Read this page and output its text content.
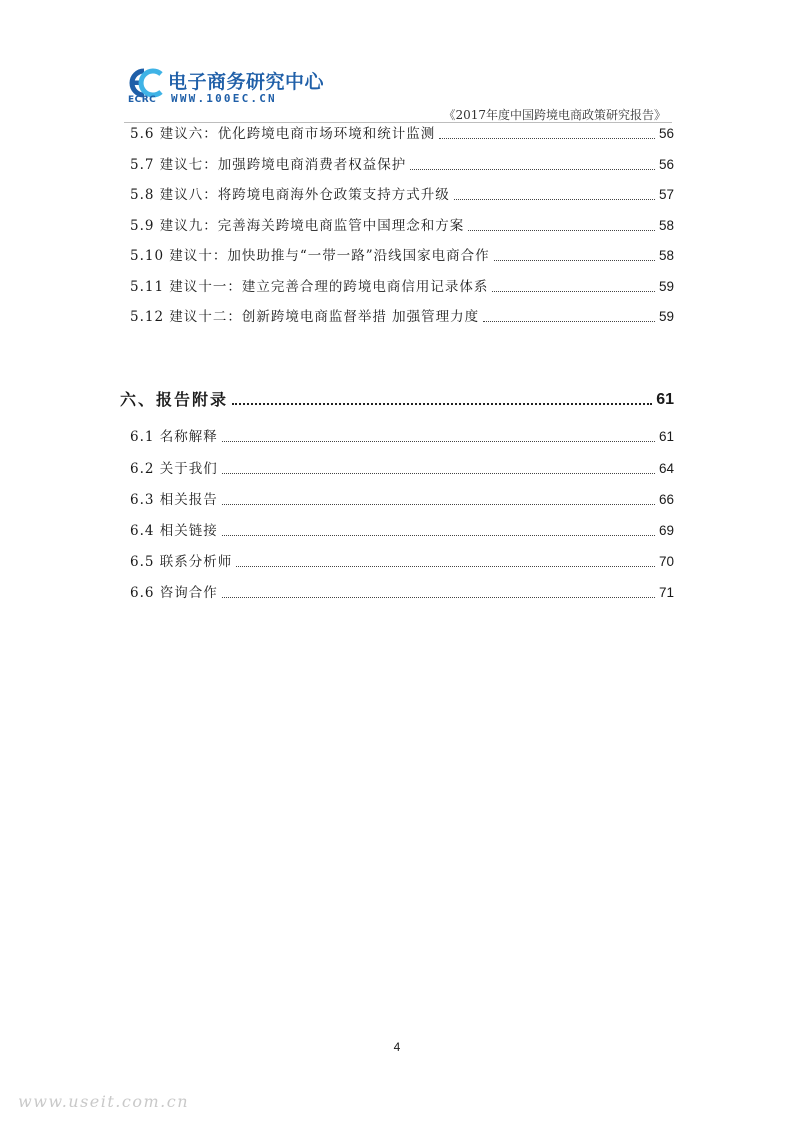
ECRC
电子商务研究中心
WWW.100EC.CN
《2017年度中国跨境电商政策研究报告》
5.6 建议六：优化跨境电商市场环境和统计监测	56
5.7 建议七：加强跨境电商消费者权益保护	56
5.8 建议八：将跨境电商海外仓政策支持方式升级	57
5.9 建议九：完善海关跨境电商监管中国理念和方案	58
5.10 建议十：加快助推与“一带一路”沿线国家电商合作	58
5.11 建议十一：建立完善合理的跨境电商信用记录体系	59
5.12 建议十二：创新跨境电商监督举措 加强管理力度	59
六、报告附录	61
6.1 名称解释	61
6.2 关于我们	64
6.3 相关报告	66
6.4 相关链接	69
6.5 联系分析师	70
6.6 咨询合作	71
4
www.useit.com.cn
